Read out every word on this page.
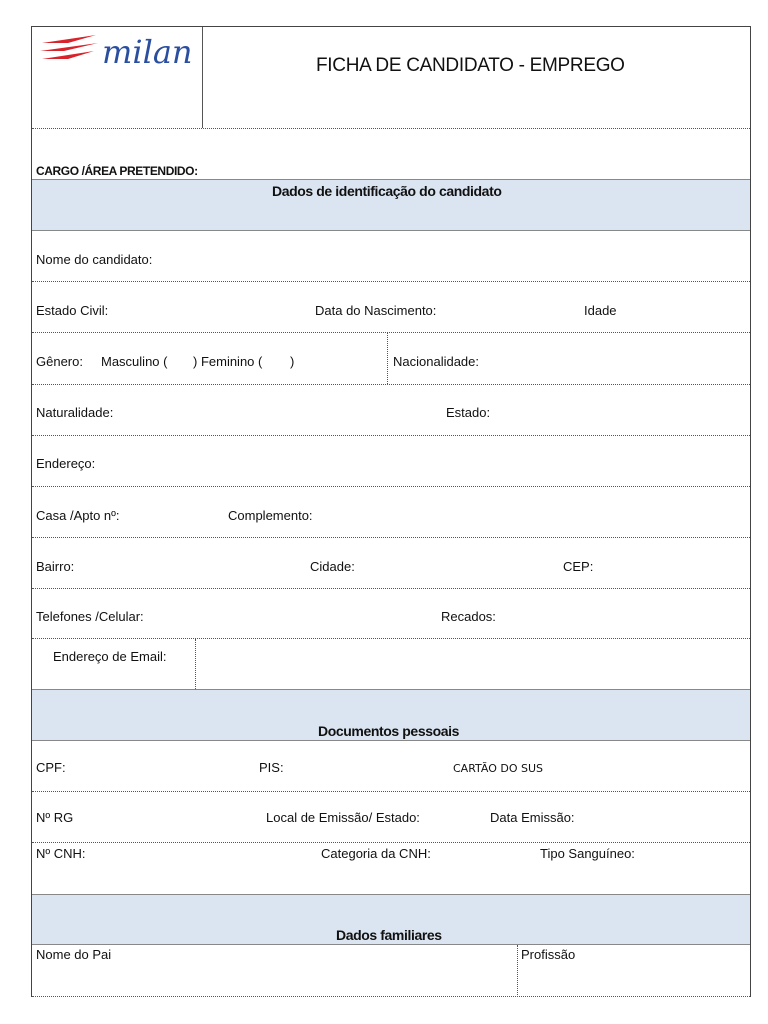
milan	FICHA DE CANDIDATO - EMPREGO
CARGO /ÁREA PRETENDIDO:
Dados de identificação do candidato
Nome do candidato:
Estado Civil:	Data do Nascimento:	Idade
Gênero: Masculino ( ) Feminino ( )	Nacionalidade:
Naturalidade:	Estado:
Endereço:
Casa /Apto nº:	Complemento:
Bairro:	Cidade:	CEP:
Telefones /Celular:	Recados:
Endereço de Email:
Documentos pessoais
CPF:	PIS:	CARTÃO DO SUS
Nº RG	Local de Emissão/ Estado:	Data Emissão:
Nº CNH:	Categoria da CNH:	Tipo Sanguíneo:
Dados familiares
Nome do Pai	Profissão
